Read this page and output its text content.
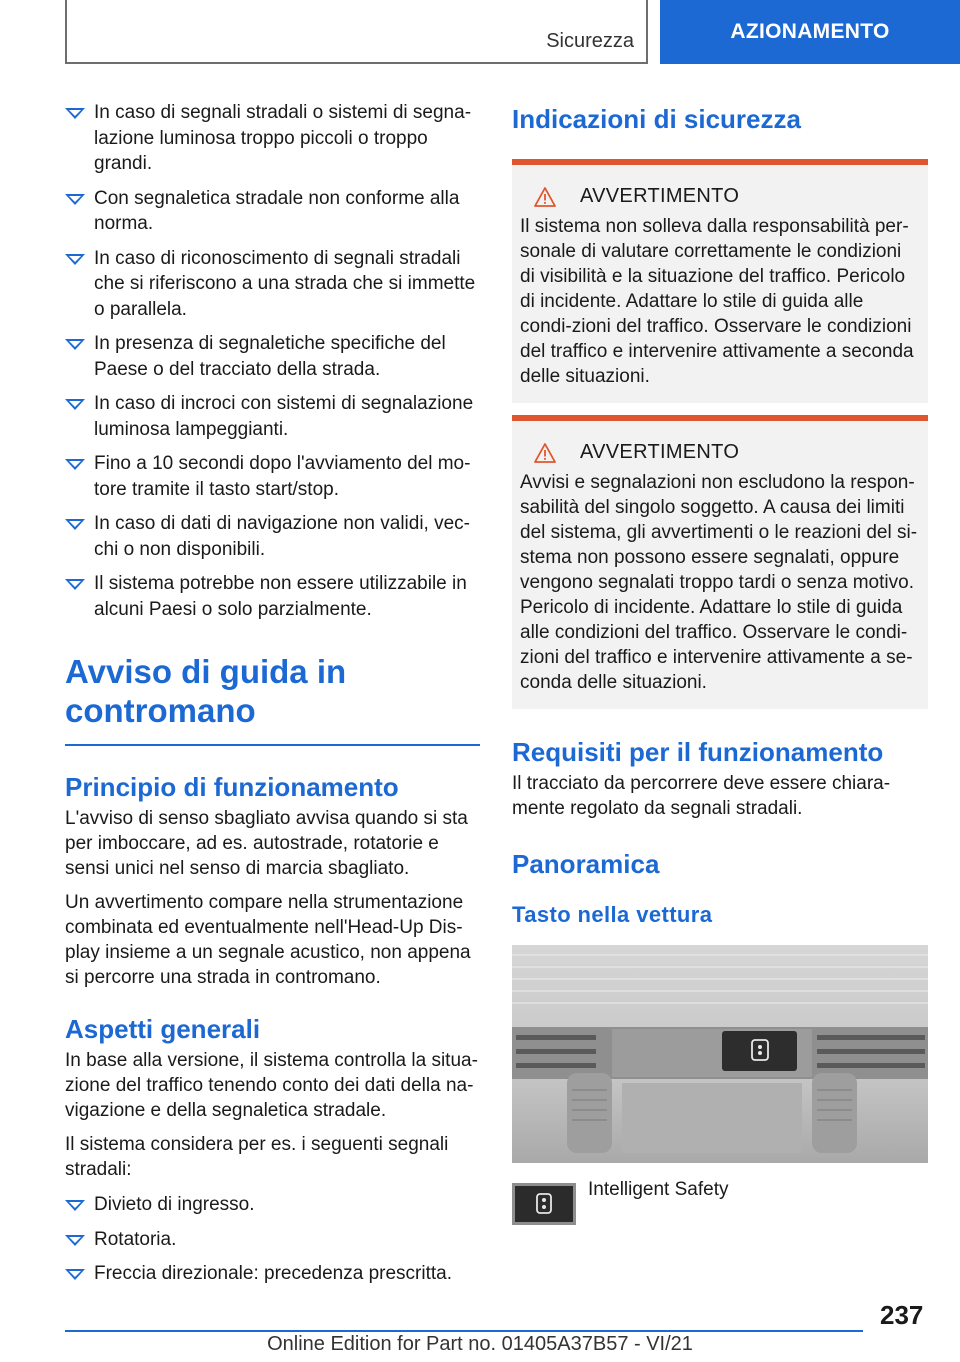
Sicurezza	AZIONAMENTO
In caso di segnali stradali o sistemi di segna-lazione luminosa troppo piccoli o troppo grandi.
Con segnaletica stradale non conforme alla norma.
In caso di riconoscimento di segnali stradali che si riferiscono a una strada che si immette o parallela.
In presenza di segnaletiche specifiche del Paese o del tracciato della strada.
In caso di incroci con sistemi di segnalazione luminosa lampeggianti.
Fino a 10 secondi dopo l'avviamento del mo-tore tramite il tasto start/stop.
In caso di dati di navigazione non validi, vec-chi o non disponibili.
Il sistema potrebbe non essere utilizzabile in alcuni Paesi o solo parzialmente.
Avviso di guida in contromano
Principio di funzionamento

L'avviso di senso sbagliato avvisa quando si sta per imboccare, ad es. autostrade, rotatorie e sensi unici nel senso di marcia sbagliato.

Un avvertimento compare nella strumentazione combinata ed eventualmente nell'Head-Up Dis-play insieme a un segnale acustico, non appena si percorre una strada in contromano.

Aspetti generali

In base alla versione, il sistema controlla la situa-zione del traffico tenendo conto dei dati della na-vigazione e della segnaletica stradale.

Il sistema considera per es. i seguenti segnali stradali:

Divieto di ingresso.
Rotatoria.
Freccia direzionale: precedenza prescritta.
Indicazioni di sicurezza
AVVERTIMENTO

Il sistema non solleva dalla responsabilità per-sonale di valutare correttamente le condizioni di visibilità e la situazione del traffico. Pericolo di incidente. Adattare lo stile di guida alle condi-zioni del traffico. Osservare le condizioni del traffico e intervenire attivamente a seconda delle situazioni.

AVVERTIMENTO

Avvisi e segnalazioni non escludono la respon-sabilità del singolo soggetto. A causa dei limiti del sistema, gli avvertimenti o le reazioni del si-stema non possono essere segnalati, oppure vengono segnalati troppo tardi o senza motivo. Pericolo di incidente. Adattare lo stile di guida alle condizioni del traffico. Osservare le condi-zioni del traffico e intervenire attivamente a se-conda delle situazioni.

Requisiti per il funzionamento

Il tracciato da percorrere deve essere chiara-mente regolato da segnali stradali.

Panoramica
Tasto nella vettura
Intelligent Safety
237
Online Edition for Part no. 01405A37B57 - VI/21
